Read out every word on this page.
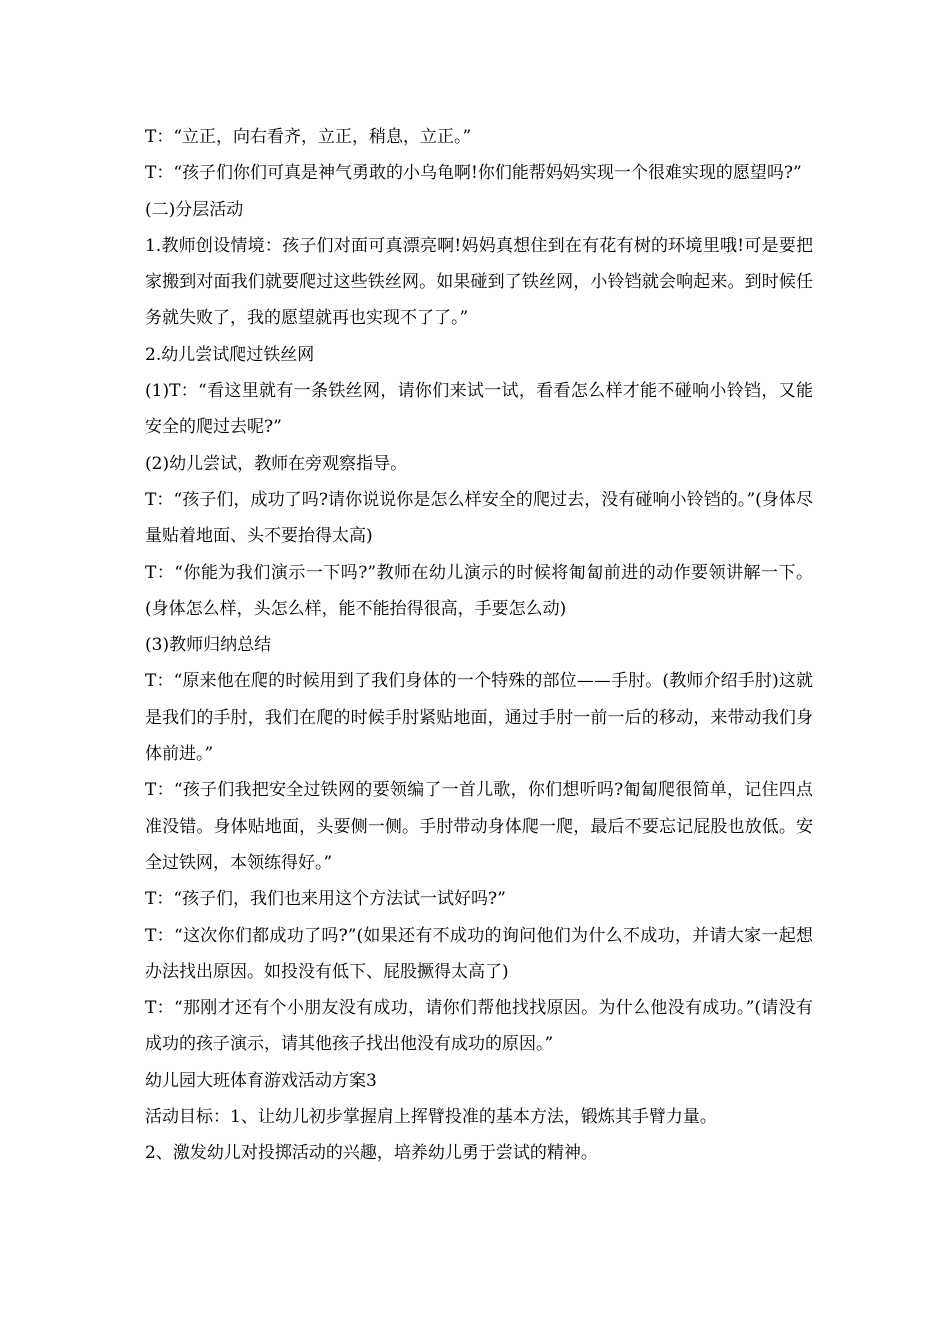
T：“立正，向右看齐，立正，稍息，立正。”

T：“孩子们你们可真是神气勇敢的小乌龟啊!你们能帮妈妈实现一个很难实现的愿望吗?”

(二)分层活动

1.教师创设情境：孩子们对面可真漂亮啊!妈妈真想住到在有花有树的环境里哦!可是要把家搬到对面我们就要爬过这些铁丝网。如果碰到了铁丝网，小铃铛就会响起来。到时候任务就失败了，我的愿望就再也实现不了了。”

2.幼儿尝试爬过铁丝网

(1)T：“看这里就有一条铁丝网，请你们来试一试，看看怎么样才能不碰响小铃铛，又能安全的爬过去呢?”

(2)幼儿尝试，教师在旁观察指导。

T：“孩子们，成功了吗?请你说说你是怎么样安全的爬过去，没有碰响小铃铛的。”(身体尽量贴着地面、头不要抬得太高)

T：“你能为我们演示一下吗?”教师在幼儿演示的时候将匍匐前进的动作要领讲解一下。(身体怎么样，头怎么样，能不能抬得很高，手要怎么动)

(3)教师归纳总结

T：“原来他在爬的时候用到了我们身体的一个特殊的部位——手肘。(教师介绍手肘)这就是我们的手肘，我们在爬的时候手肘紧贴地面，通过手肘一前一后的移动，来带动我们身体前进。”

T：“孩子们我把安全过铁网的要领编了一首儿歌，你们想听吗?匍匐爬很简单，记住四点准没错。身体贴地面，头要侧一侧。手肘带动身体爬一爬，最后不要忘记屁股也放低。安全过铁网，本领练得好。”

T：“孩子们，我们也来用这个方法试一试好吗?”

T：“这次你们都成功了吗?”(如果还有不成功的询问他们为什么不成功，并请大家一起想办法找出原因。如投没有低下、屁股撅得太高了)

T：“那刚才还有个小朋友没有成功，请你们帮他找找原因。为什么他没有成功。”(请没有成功的孩子演示，请其他孩子找出他没有成功的原因。”

幼儿园大班体育游戏活动方案3

活动目标：1、让幼儿初步掌握肩上挥臂投准的基本方法，锻炼其手臂力量。

2、激发幼儿对投掷活动的兴趣，培养幼儿勇于尝试的精神。
